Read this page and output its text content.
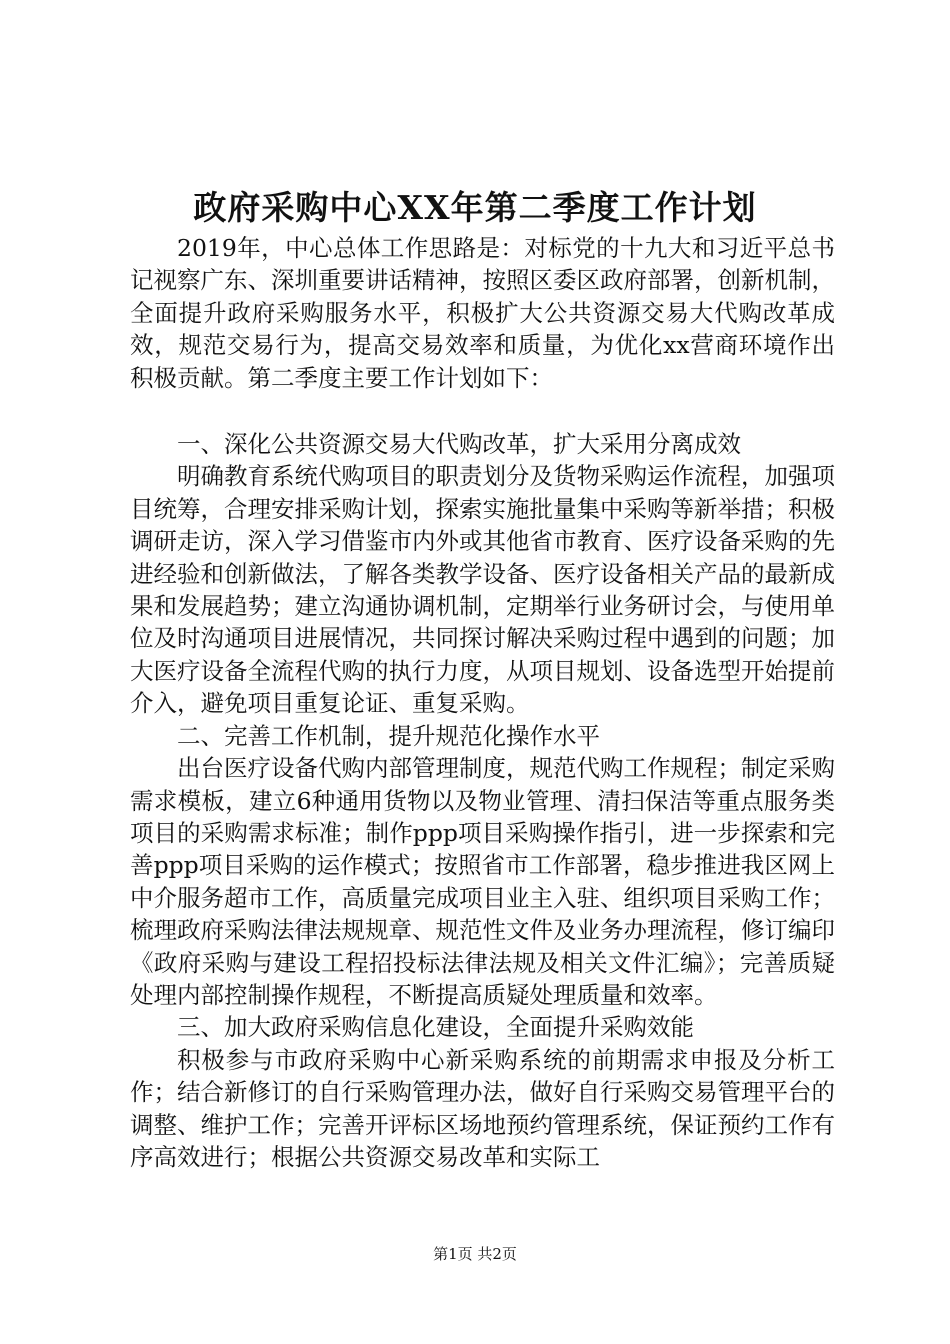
政府采购中心XX年第二季度工作计划

2019年，中心总体工作思路是：对标党的十九大和习近平总书记视察广东、深圳重要讲话精神，按照区委区政府部署，创新机制，全面提升政府采购服务水平，积极扩大公共资源交易大代购改革成效，规范交易行为，提高交易效率和质量，为优化xx营商环境作出积极贡献。第二季度主要工作计划如下：

一、深化公共资源交易大代购改革，扩大采用分离成效

明确教育系统代购项目的职责划分及货物采购运作流程，加强项目统筹，合理安排采购计划，探索实施批量集中采购等新举措；积极调研走访，深入学习借鉴市内外或其他省市教育、医疗设备采购的先进经验和创新做法，了解各类教学设备、医疗设备相关产品的最新成果和发展趋势；建立沟通协调机制，定期举行业务研讨会，与使用单位及时沟通项目进展情况，共同探讨解决采购过程中遇到的问题；加大医疗设备全流程代购的执行力度，从项目规划、设备选型开始提前介入，避免项目重复论证、重复采购。

二、完善工作机制，提升规范化操作水平

出台医疗设备代购内部管理制度，规范代购工作规程；制定采购需求模板，建立6种通用货物以及物业管理、清扫保洁等重点服务类项目的采购需求标准；制作ppp项目采购操作指引，进一步探索和完善ppp项目采购的运作模式；按照省市工作部署，稳步推进我区网上中介服务超市工作，高质量完成项目业主入驻、组织项目采购工作；梳理政府采购法律法规规章、规范性文件及业务办理流程，修订编印《政府采购与建设工程招投标法律法规及相关文件汇编》；完善质疑处理内部控制操作规程，不断提高质疑处理质量和效率。

三、加大政府采购信息化建设，全面提升采购效能

积极参与市政府采购中心新采购系统的前期需求申报及分析工作；结合新修订的自行采购管理办法，做好自行采购交易管理平台的调整、维护工作；完善开评标区场地预约管理系统，保证预约工作有序高效进行；根据公共资源交易改革和实际工

第1页 共2页
